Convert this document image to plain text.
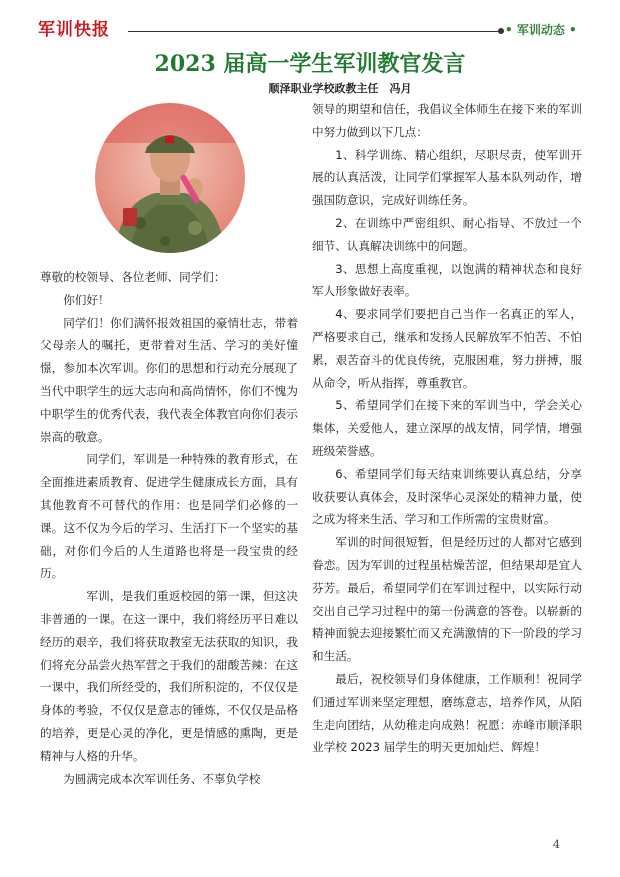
军训快报	• 军训动态 •
2023 届高一学生军训教官发言
顺泽职业学校政教主任　冯月

尊敬的校领导、各位老师、同学们：

你们好！

同学们！你们满怀报效祖国的豪情壮志，带着父母亲人的嘱托，更带着对生活、学习的美好憧憬，参加本次军训。你们的思想和行动充分展现了当代中职学生的远大志向和高尚情怀，你们不愧为中职学生的优秀代表，我代表全体教官向你们表示崇高的敬意。

同学们，军训是一种特殊的教育形式，在全面推进素质教育、促进学生健康成长方面，具有其他教育不可替代的作用：也是同学们必修的一课。这不仅为今后的学习、生活打下一个坚实的基础，对你们今后的人生道路也将是一段宝贵的经历。

军训，是我们重返校园的第一课，但这决非普通的一课。在这一课中，我们将经历平日难以经历的艰辛，我们将获取教室无法获取的知识，我们将充分品尝火热军营之于我们的甜酸苦辣：在这一课中，我们所经受的，我们所积淀的，不仅仅是身体的考验，不仅仅是意志的锤炼，不仅仅是品格的培养，更是心灵的净化，更是情感的熏陶，更是精神与人格的升华。

为圆满完成本次军训任务、不辜负学校

领导的期望和信任，我倡议全体师生在接下来的军训中努力做到以下几点：

1、科学训练、精心组织，尽职尽责，使军训开展的认真活泼，让同学们掌握军人基本队列动作，增强国防意识，完成好训练任务。

2、在训练中严密组织、耐心指导、不放过一个细节、认真解决训练中的问题。

3、思想上高度重视，以饱满的精神状态和良好军人形象做好表率。

4、要求同学们要把自己当作一名真正的军人，严格要求自己，继承和发扬人民解放军不怕苦、不怕累，艰苦奋斗的优良传统，克服困难，努力拼搏，服从命令，听从指挥，尊重教官。

5、希望同学们在接下来的军训当中，学会关心集体，关爱他人，建立深厚的战友情，同学情，增强班级荣誉感。

6、希望同学们每天结束训练要认真总结，分享收获要认真体会，及时深华心灵深处的精神力量，使之成为将来生活、学习和工作所需的宝贵财富。

军训的时间很短暂，但是经历过的人都对它感到眷恋。因为军训的过程虽枯燥苦涩，但结果却是宜人芬芳。最后，希望同学们在军训过程中，以实际行动交出自己学习过程中的第一份满意的答卷。以崭新的精神面貌去迎接繁忙而又充满激情的下一阶段的学习和生活。

最后，祝校领导们身体健康，工作顺利！祝同学们通过军训来坚定理想，磨练意志，培养作风，从陌生走向团结，从幼稚走向成熟！祝愿：赤峰市顺泽职业学校 2023 届学生的明天更加灿烂、辉煌！

4
